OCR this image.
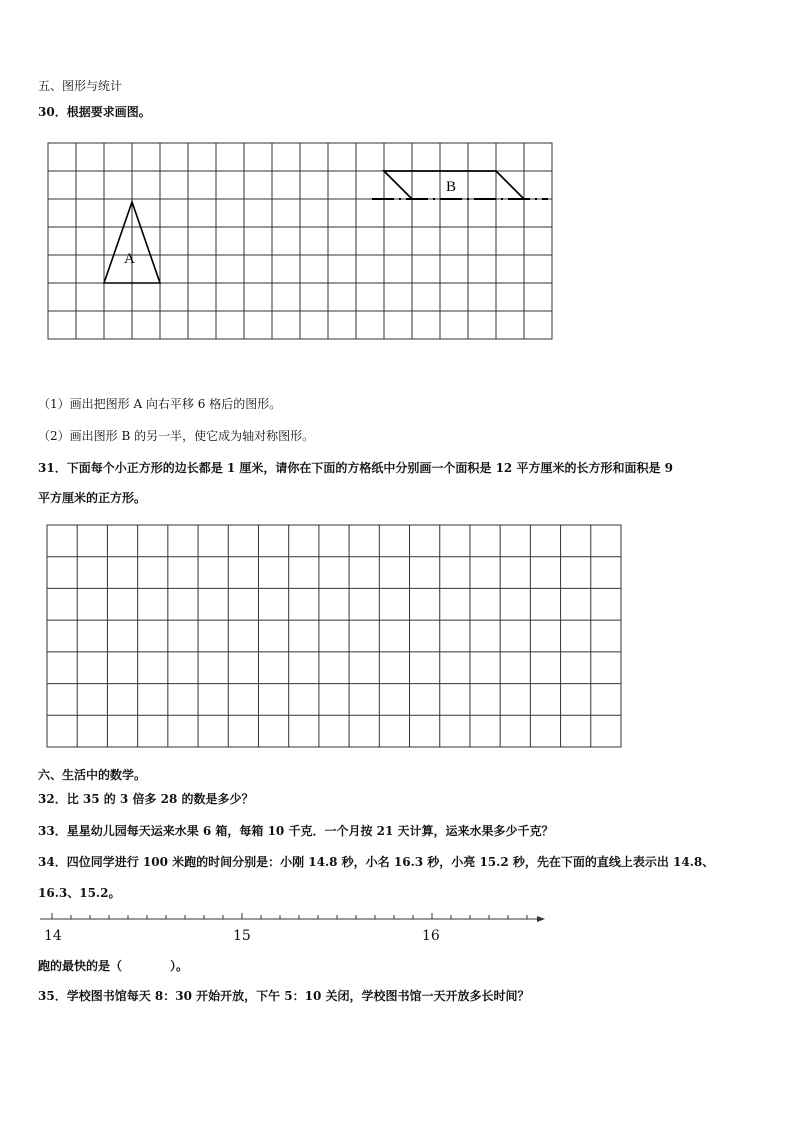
五、图形与统计
30．根据要求画图。
A
B
（1）画出把图形 A 向右平移 6 格后的图形。
（2）画出图形 B 的另一半，使它成为轴对称图形。
31．下面每个小正方形的边长都是 1 厘米，请你在下面的方格纸中分别画一个面积是 12 平方厘米的长方形和面积是 9
平方厘米的正方形。
六、生活中的数学。
32．比 35 的 3 倍多 28 的数是多少？
33．星星幼儿园每天运来水果 6 箱，每箱 10 千克．一个月按 21 天计算，运来水果多少千克？
34．四位同学进行 100 米跑的时间分别是：小刚 14.8 秒，小名 16.3 秒，小亮 15.2 秒，先在下面的直线上表示出 14.8、
16.3、15.2。
14	15	16
跑的最快的是（　　　　）。
35．学校图书馆每天 8：30 开始开放，下午 5：10 关闭，学校图书馆一天开放多长时间？
